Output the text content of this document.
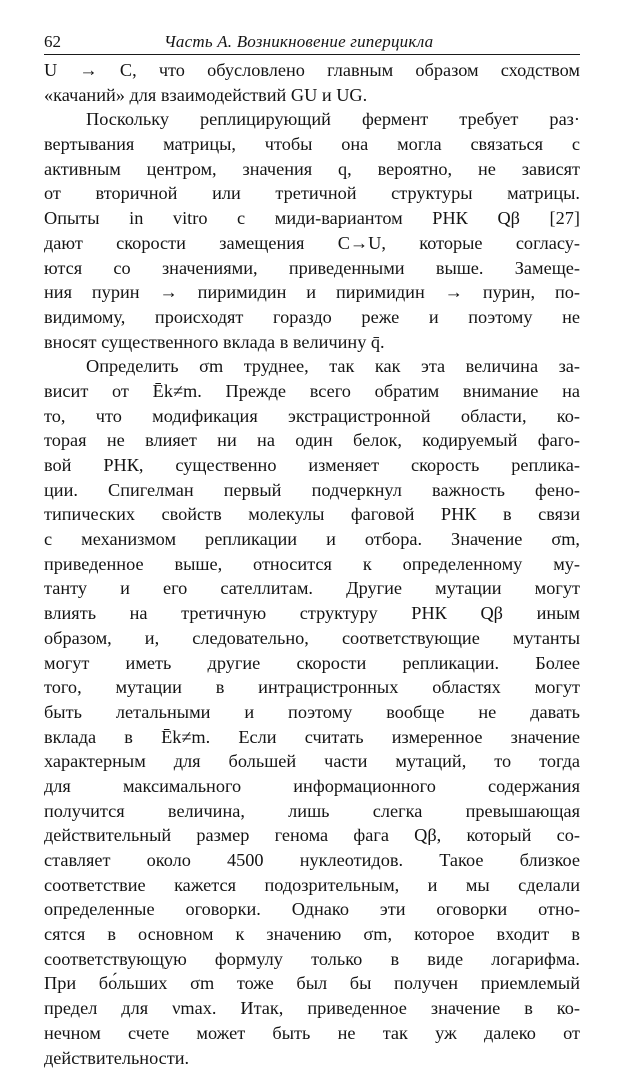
62	Часть А. Возникновение гиперцикла
U → C, что обусловлено главным образом сходством
«качаний» для взаимодействий GU и UG.
Поскольку реплицирующий фермент требует раз·
вертывания матрицы, чтобы она могла связаться с
активным центром, значения q, вероятно, не зависят
от вторичной или третичной структуры матрицы.
Опыты in vitro с миди-вариантом РНК Qβ [27]
дают скорости замещения C→U, которые согласу-
ются со значениями, приведенными выше. Замеще-
ния пурин → пиримидин и пиримидин → пурин, по-
видимому, происходят гораздо реже и поэтому не
вносят существенного вклада в величину q̄.
Определить σm труднее, так как эта величина за-
висит от Ēk≠m. Прежде всего обратим внимание на
то, что модификация экстрацистронной области, ко-
торая не влияет ни на один белок, кодируемый фаго-
вой РНК, существенно изменяет скорость реплика-
ции. Спигелман первый подчеркнул важность фено-
типических свойств молекулы фаговой РНК в связи
с механизмом репликации и отбора. Значение σm,
приведенное выше, относится к определенному му-
танту и его сателлитам. Другие мутации могут
влиять на третичную структуру РНК Qβ иным
образом, и, следовательно, соответствующие мутанты
могут иметь другие скорости репликации. Более
того, мутации в интрацистронных областях могут
быть летальными и поэтому вообще не давать
вклада в Ēk≠m. Если считать измеренное значение
характерным для большей части мутаций, то тогда
для максимального информационного содержания
получится величина, лишь слегка превышающая
действительный размер генома фага Qβ, который со-
ставляет около 4500 нуклеотидов. Такое близкое
соответствие кажется подозрительным, и мы сделали
определенные оговорки. Однако эти оговорки отно-
сятся в основном к значению σm, которое входит в
соответствующую формулу только в виде логарифма.
При бо́льших σm тоже был бы получен приемлемый
предел для νmax. Итак, приведенное значение в ко-
нечном счете может быть не так уж далеко от
действительности.
